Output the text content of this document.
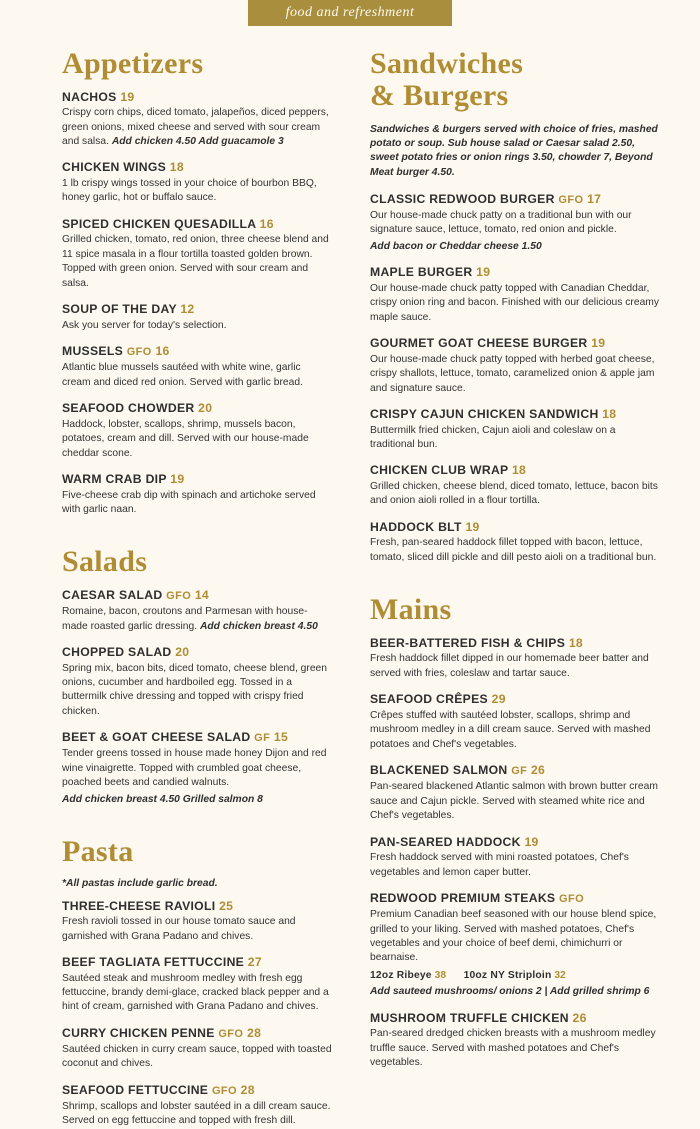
food and refreshment
Appetizers
NACHOS 19
Crispy corn chips, diced tomato, jalapeños, diced peppers, green onions, mixed cheese and served with sour cream and salsa. Add chicken 4.50 Add guacamole 3
CHICKEN WINGS 18
1 lb crispy wings tossed in your choice of bourbon BBQ, honey garlic, hot or buffalo sauce.
SPICED CHICKEN QUESADILLA 16
Grilled chicken, tomato, red onion, three cheese blend and 11 spice masala in a flour tortilla toasted golden brown. Topped with green onion. Served with sour cream and salsa.
SOUP OF THE DAY 12
Ask you server for today's selection.
MUSSELS GFO 16
Atlantic blue mussels sautéed with white wine, garlic cream and diced red onion. Served with garlic bread.
SEAFOOD CHOWDER 20
Haddock, lobster, scallops, shrimp, mussels bacon, potatoes, cream and dill. Served with our house-made cheddar scone.
WARM CRAB DIP 19
Five-cheese crab dip with spinach and artichoke served with garlic naan.
Salads
CAESAR SALAD GFO 14
Romaine, bacon, croutons and Parmesan with house-made roasted garlic dressing. Add chicken breast 4.50
CHOPPED SALAD 20
Spring mix, bacon bits, diced tomato, cheese blend, green onions, cucumber and hardboiled egg. Tossed in a buttermilk chive dressing and topped with crispy fried chicken.
BEET & GOAT CHEESE SALAD GF 15
Tender greens tossed in house made honey Dijon and red wine vinaigrette. Topped with crumbled goat cheese, poached beets and candied walnuts.
Add chicken breast 4.50 Grilled salmon 8
Pasta
*All pastas include garlic bread.
THREE-CHEESE RAVIOLI 25
Fresh ravioli tossed in our house tomato sauce and garnished with Grana Padano and chives.
BEEF TAGLIATA FETTUCCINE 27
Sautéed steak and mushroom medley with fresh egg fettuccine, brandy demi-glace, cracked black pepper and a hint of cream, garnished with Grana Padano and chives.
CURRY CHICKEN PENNE GFO 28
Sautéed chicken in curry cream sauce, topped with toasted coconut and chives.
SEAFOOD FETTUCCINE GFO 28
Shrimp, scallops and lobster sautéed in a dill cream sauce. Served on egg fettuccine and topped with fresh dill.
Sandwiches
& Burgers
Sandwiches & burgers served with choice of fries, mashed potato or soup. Sub house salad or Caesar salad 2.50, sweet potato fries or onion rings 3.50, chowder 7, Beyond Meat burger 4.50.
CLASSIC REDWOOD BURGER GFO 17
Our house-made chuck patty on a traditional bun with our signature sauce, lettuce, tomato, red onion and pickle.
Add bacon or Cheddar cheese 1.50
MAPLE BURGER 19
Our house-made chuck patty topped with Canadian Cheddar, crispy onion ring and bacon. Finished with our delicious creamy maple sauce.
GOURMET GOAT CHEESE BURGER 19
Our house-made chuck patty topped with herbed goat cheese, crispy shallots, lettuce, tomato, caramelized onion & apple jam and signature sauce.
CRISPY CAJUN CHICKEN SANDWICH 18
Buttermilk fried chicken, Cajun aioli and coleslaw on a traditional bun.
CHICKEN CLUB WRAP 18
Grilled chicken, cheese blend, diced tomato, lettuce, bacon bits and onion aioli rolled in a flour tortilla.
HADDOCK BLT 19
Fresh, pan-seared haddock fillet topped with bacon, lettuce, tomato, sliced dill pickle and dill pesto aioli on a traditional bun.
Mains
BEER-BATTERED FISH & CHIPS 18
Fresh haddock fillet dipped in our homemade beer batter and served with fries, coleslaw and tartar sauce.
SEAFOOD CRÊPES 29
Crêpes stuffed with sautéed lobster, scallops, shrimp and mushroom medley in a dill cream sauce. Served with mashed potatoes and Chef's vegetables.
BLACKENED SALMON GF 26
Pan-seared blackened Atlantic salmon with brown butter cream sauce and Cajun pickle. Served with steamed white rice and Chef's vegetables.
PAN-SEARED HADDOCK 19
Fresh haddock served with mini roasted potatoes, Chef's vegetables and lemon caper butter.
REDWOOD PREMIUM STEAKS GFO
Premium Canadian beef seasoned with our house blend spice, grilled to your liking. Served with mashed potatoes, Chef's vegetables and your choice of beef demi, chimichurri or bearnaise.
12oz Ribeye 38 10oz NY Striploin 32
Add sauteed mushrooms/ onions 2 | Add grilled shrimp 6
MUSHROOM TRUFFLE CHICKEN 26
Pan-seared dredged chicken breasts with a mushroom medley truffle sauce. Served with mashed potatoes and Chef's vegetables.
